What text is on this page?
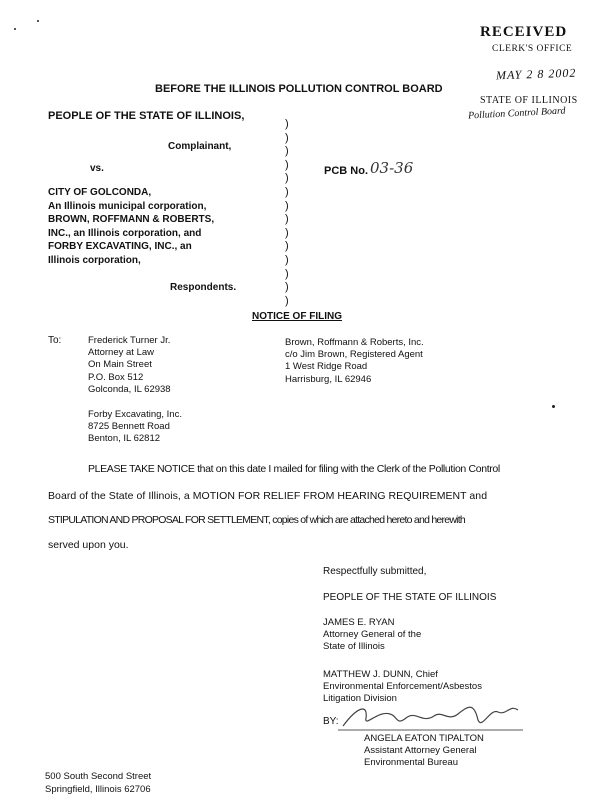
RECEIVED
CLERK'S OFFICE
MAY 2 8 2002
STATE OF ILLINOIS
Pollution Control Board
BEFORE THE ILLINOIS POLLUTION CONTROL BOARD
PEOPLE OF THE STATE OF ILLINOIS,
Complainant,
vs.	PCB No. 03-36
CITY OF GOLCONDA,
An Illinois municipal corporation,
BROWN, ROFFMANN & ROBERTS,
INC., an Illinois corporation, and
FORBY EXCAVATING, INC., an
Illinois corporation,
Respondents.
)
)
)
)
)
)
)
)
)
)
)
)
)
)
NOTICE OF FILING
To:	Frederick Turner Jr.
Attorney at Law
On Main Street
P.O. Box 512
Golconda, IL 62938
Brown, Roffmann & Roberts, Inc.
c/o Jim Brown, Registered Agent
1 West Ridge Road
Harrisburg, IL 62946
Forby Excavating, Inc.
8725 Bennett Road
Benton, IL 62812
PLEASE TAKE NOTICE that on this date I mailed for filing with the Clerk of the Pollution Control
Board of the State of Illinois, a MOTION FOR RELIEF FROM HEARING REQUIREMENT and
STIPULATION AND PROPOSAL FOR SETTLEMENT, copies of which are attached hereto and herewith
served upon you.
Respectfully submitted,
PEOPLE OF THE STATE OF ILLINOIS
JAMES E. RYAN
Attorney General of the
State of Illinois
MATTHEW J. DUNN, Chief
Environmental Enforcement/Asbestos
Litigation Division
BY:
ANGELA EATON TIPALTON
Assistant Attorney General
Environmental Bureau
500 South Second Street
Springfield, Illinois 62706
